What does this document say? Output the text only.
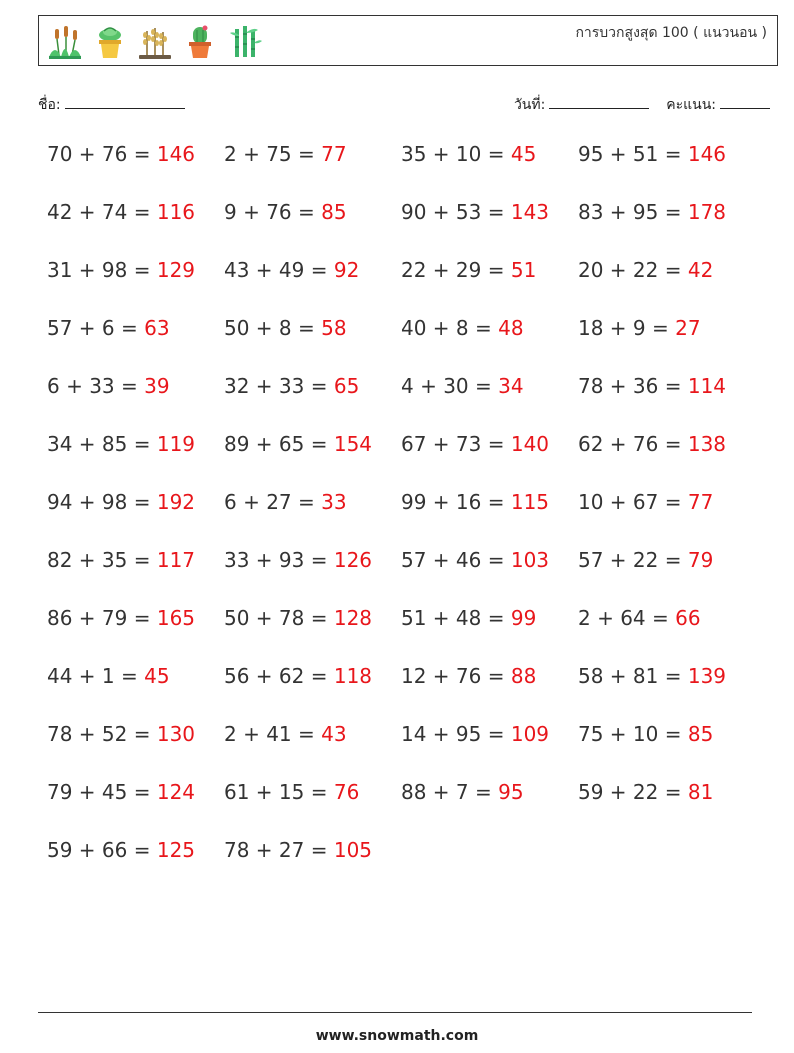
การบวกสูงสุด 100 ( แนวนอน )
ชื่อ:	วันที่:	คะแนน:
70 + 76 = 146 2 + 75 = 77	35 + 10 = 45 95 + 51 = 146
42 + 74 = 116 9 + 76 = 85	90 + 53 = 143 83 + 95 = 178
31 + 98 = 129 43 + 49 = 92 22 + 29 = 51 20 + 22 = 42
57 + 6 = 63	50 + 8 = 58	40 + 8 = 48	18 + 9 = 27
6 + 33 = 39	32 + 33 = 65 4 + 30 = 34	78 + 36 = 114
34 + 85 = 119 89 + 65 = 154 67 + 73 = 140 62 + 76 = 138
94 + 98 = 192 6 + 27 = 33	99 + 16 = 115 10 + 67 = 77
82 + 35 = 117 33 + 93 = 126 57 + 46 = 103 57 + 22 = 79
86 + 79 = 165 50 + 78 = 128 51 + 48 = 99 2 + 64 = 66
44 + 1 = 45	56 + 62 = 118 12 + 76 = 88 58 + 81 = 139
78 + 52 = 130 2 + 41 = 43	14 + 95 = 109 75 + 10 = 85
79 + 45 = 124 61 + 15 = 76 88 + 7 = 95	59 + 22 = 81
59 + 66 = 125 78 + 27 = 105
www.snowmath.com
